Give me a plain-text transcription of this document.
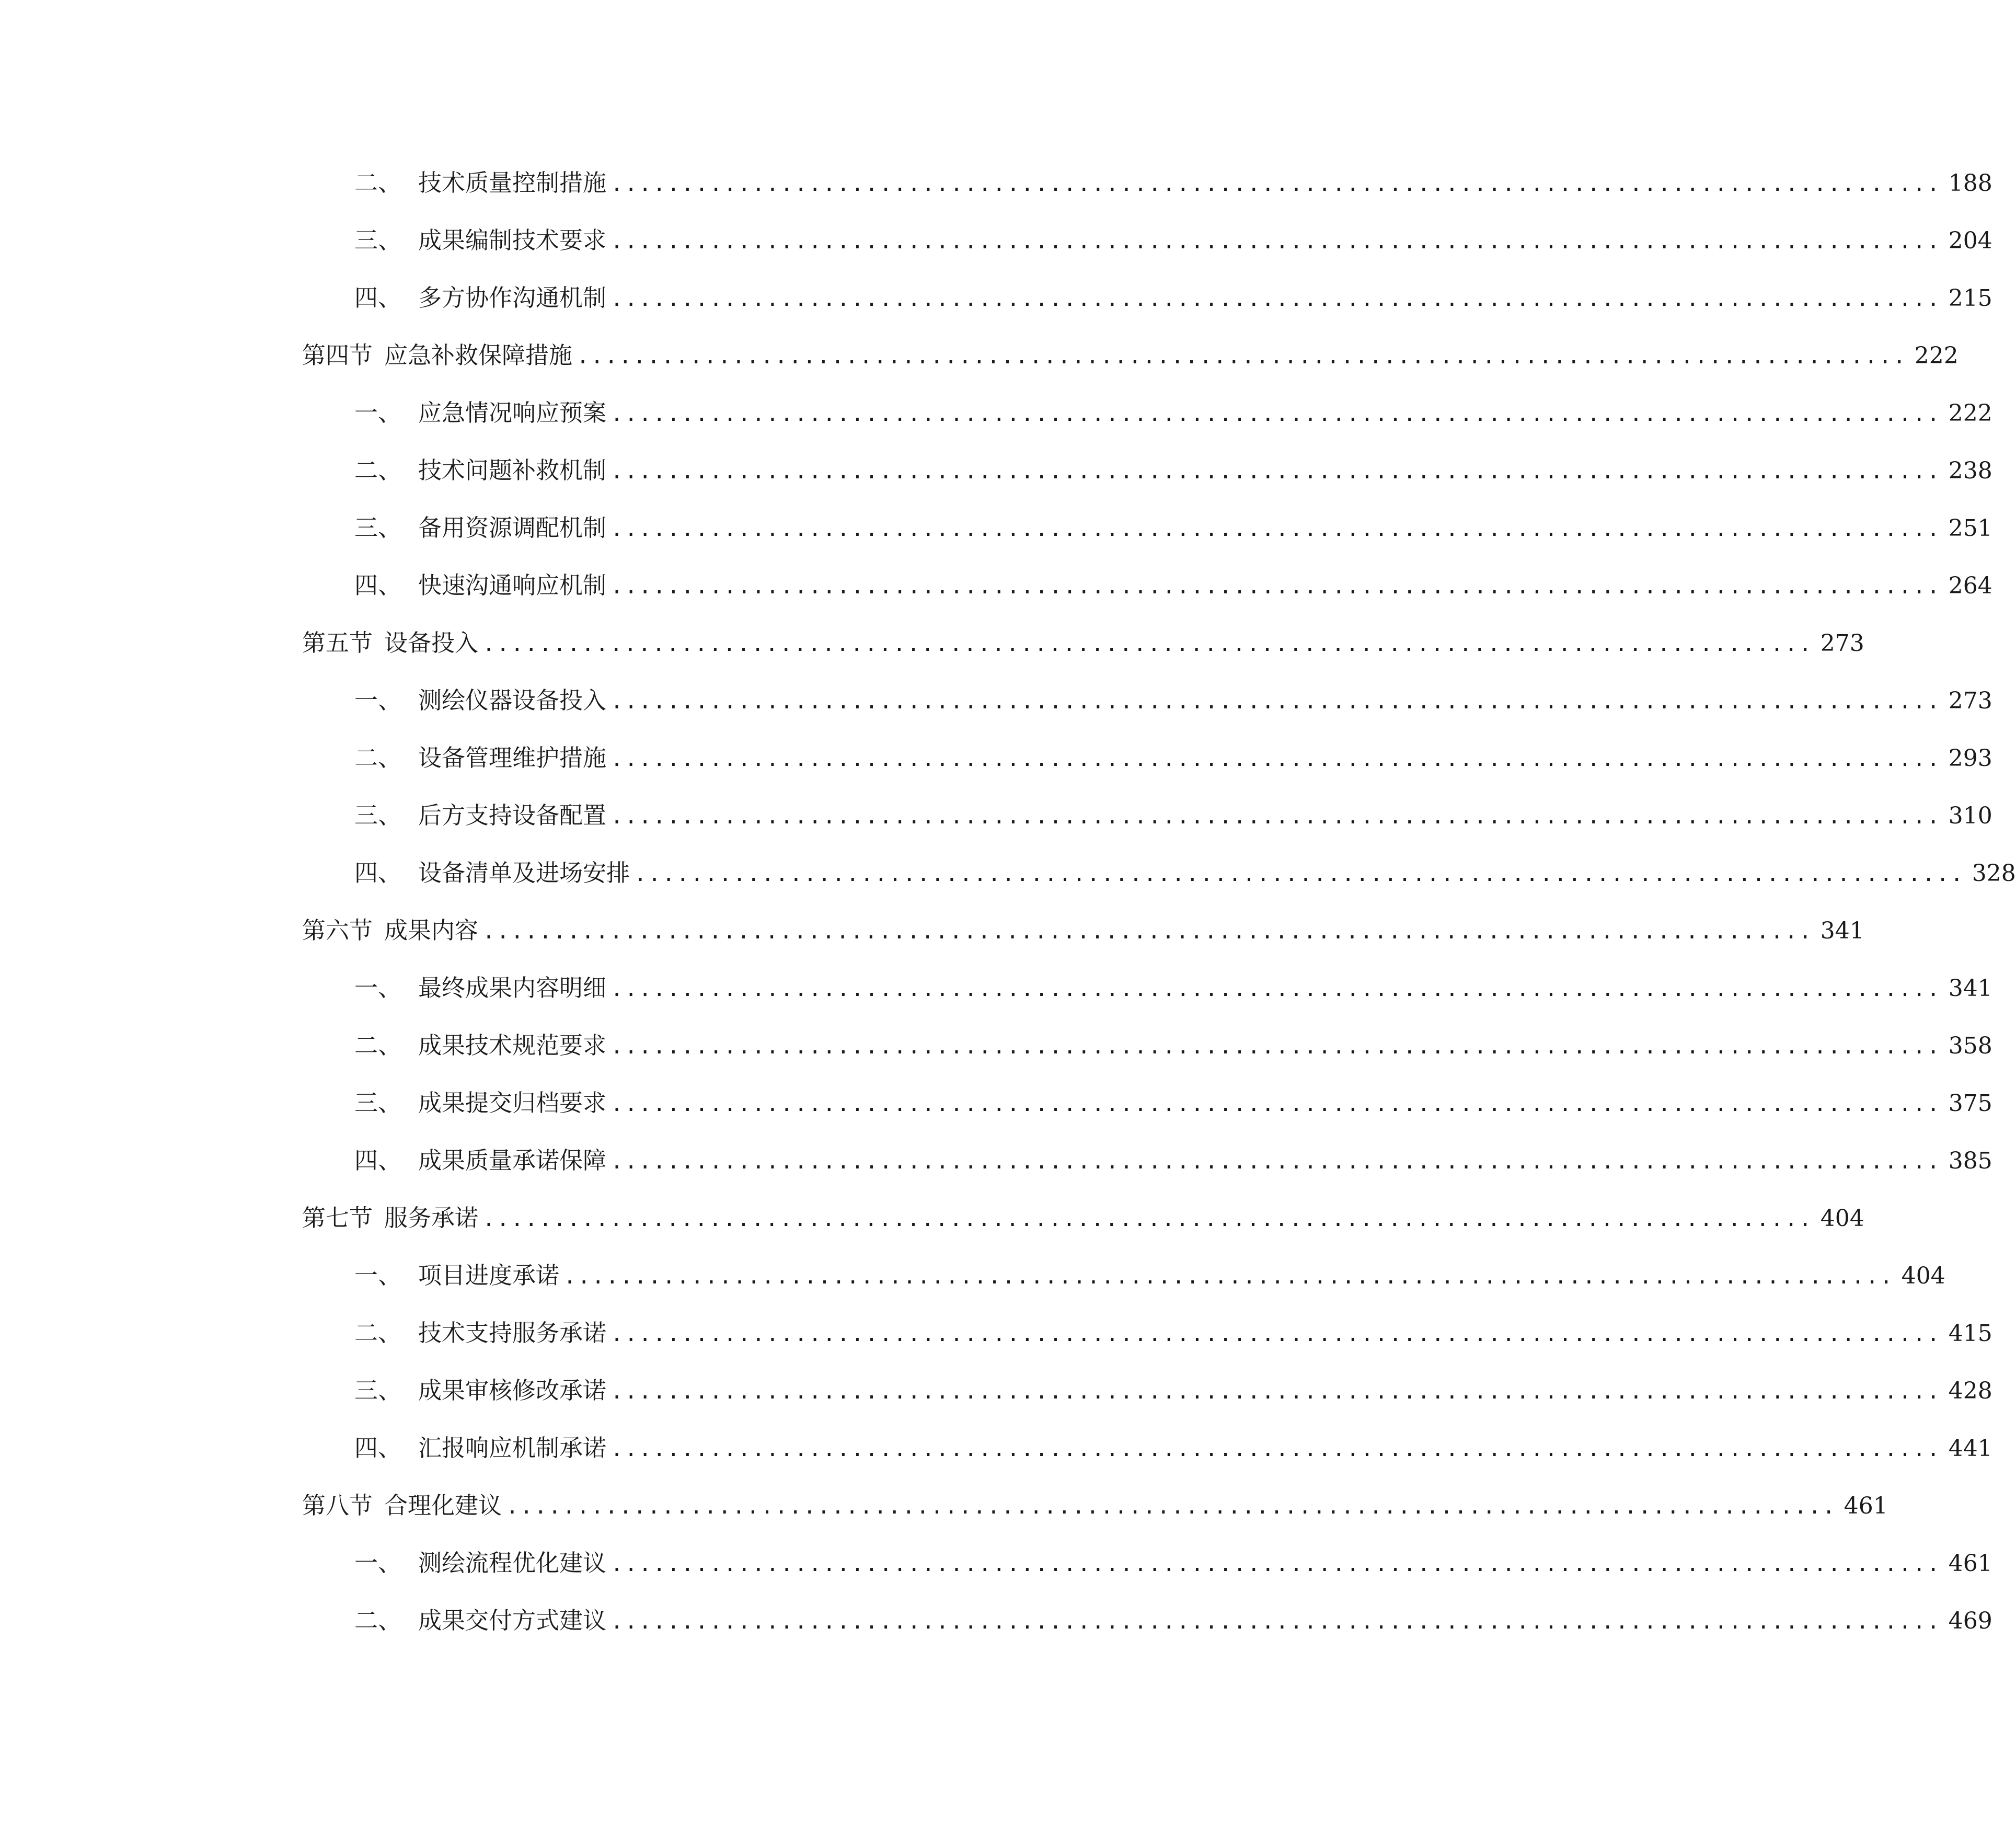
二、 技术质量控制措施 .............................................................................................. 188
三、 成果编制技术要求 .............................................................................................. 204
四、 多方协作沟通机制 .............................................................................................. 215
第四节 应急补救保障措施 .............................................................................................. 222
一、 应急情况响应预案 .............................................................................................. 222
二、 技术问题补救机制 .............................................................................................. 238
三、 备用资源调配机制 .............................................................................................. 251
四、 快速沟通响应机制 .............................................................................................. 264
第五节 设备投入 .............................................................................................. 273
一、 测绘仪器设备投入 .............................................................................................. 273
二、 设备管理维护措施 .............................................................................................. 293
三、 后方支持设备配置 .............................................................................................. 310
四、 设备清单及进场安排 .............................................................................................. 328
第六节 成果内容 .............................................................................................. 341
一、 最终成果内容明细 .............................................................................................. 341
二、 成果技术规范要求 .............................................................................................. 358
三、 成果提交归档要求 .............................................................................................. 375
四、 成果质量承诺保障 .............................................................................................. 385
第七节 服务承诺 .............................................................................................. 404
一、 项目进度承诺 .............................................................................................. 404
二、 技术支持服务承诺 .............................................................................................. 415
三、 成果审核修改承诺 .............................................................................................. 428
四、 汇报响应机制承诺 .............................................................................................. 441
第八节 合理化建议 .............................................................................................. 461
一、 测绘流程优化建议 .............................................................................................. 461
二、 成果交付方式建议 .............................................................................................. 469
